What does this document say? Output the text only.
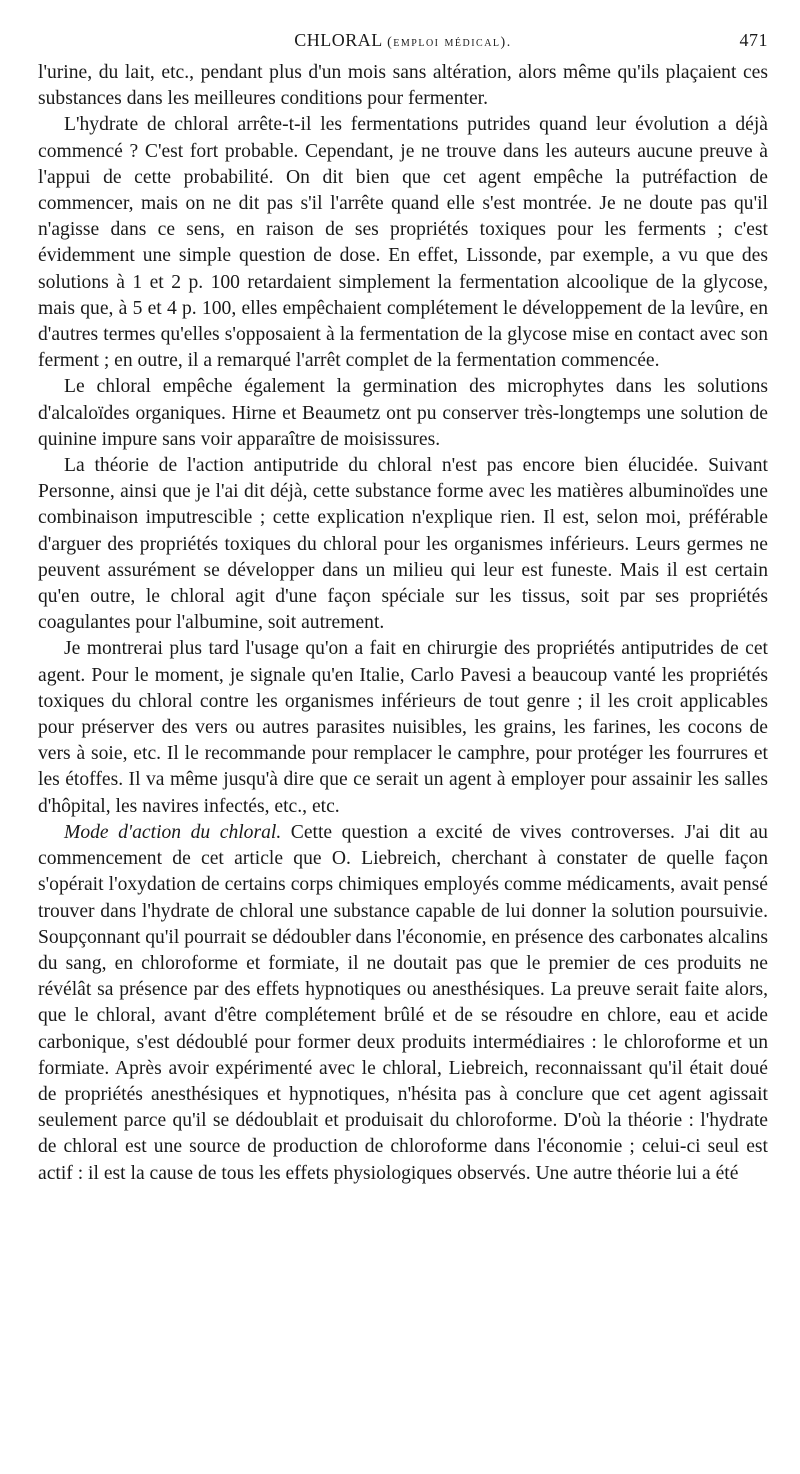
CHLORAL (emploi médical).	471

l'urine, du lait, etc., pendant plus d'un mois sans altération, alors même qu'ils plaçaient ces substances dans les meilleures conditions pour fermenter.

L'hydrate de chloral arrête-t-il les fermentations putrides quand leur évolution a déjà commencé ? C'est fort probable. Cependant, je ne trouve dans les auteurs aucune preuve à l'appui de cette probabilité. On dit bien que cet agent empêche la putréfaction de commencer, mais on ne dit pas s'il l'arrête quand elle s'est montrée. Je ne doute pas qu'il n'agisse dans ce sens, en raison de ses propriétés toxiques pour les ferments ; c'est évidemment une simple question de dose. En effet, Lissonde, par exemple, a vu que des solutions à 1 et 2 p. 100 retardaient simplement la fermentation alcoolique de la glycose, mais que, à 5 et 4 p. 100, elles empêchaient complétement le développement de la levûre, en d'autres termes qu'elles s'opposaient à la fermentation de la glycose mise en contact avec son ferment ; en outre, il a remarqué l'arrêt complet de la fermentation commencée.

Le chloral empêche également la germination des microphytes dans les solutions d'alcaloïdes organiques. Hirne et Beaumetz ont pu conserver très-longtemps une solution de quinine impure sans voir apparaître de moisissures.

La théorie de l'action antiputride du chloral n'est pas encore bien élucidée. Suivant Personne, ainsi que je l'ai dit déjà, cette substance forme avec les matières albuminoïdes une combinaison imputrescible ; cette explication n'explique rien. Il est, selon moi, préférable d'arguer des propriétés toxiques du chloral pour les organismes inférieurs. Leurs germes ne peuvent assurément se développer dans un milieu qui leur est funeste. Mais il est certain qu'en outre, le chloral agit d'une façon spéciale sur les tissus, soit par ses propriétés coagulantes pour l'albumine, soit autrement.

Je montrerai plus tard l'usage qu'on a fait en chirurgie des propriétés antiputrides de cet agent. Pour le moment, je signale qu'en Italie, Carlo Pavesi a beaucoup vanté les propriétés toxiques du chloral contre les organismes inférieurs de tout genre ; il les croit applicables pour préserver des vers ou autres parasites nuisibles, les grains, les farines, les cocons de vers à soie, etc. Il le recommande pour remplacer le camphre, pour protéger les fourrures et les étoffes. Il va même jusqu'à dire que ce serait un agent à employer pour assainir les salles d'hôpital, les navires infectés, etc., etc.

Mode d'action du chloral. Cette question a excité de vives controverses. J'ai dit au commencement de cet article que O. Liebreich, cherchant à constater de quelle façon s'opérait l'oxydation de certains corps chimiques employés comme médicaments, avait pensé trouver dans l'hydrate de chloral une substance capable de lui donner la solution poursuivie. Soupçonnant qu'il pourrait se dédoubler dans l'économie, en présence des carbonates alcalins du sang, en chloroforme et formiate, il ne doutait pas que le premier de ces produits ne révélât sa présence par des effets hypnotiques ou anesthésiques. La preuve serait faite alors, que le chloral, avant d'être complétement brûlé et de se résoudre en chlore, eau et acide carbonique, s'est dédoublé pour former deux produits intermédiaires : le chloroforme et un formiate. Après avoir expérimenté avec le chloral, Liebreich, reconnaissant qu'il était doué de propriétés anesthésiques et hypnotiques, n'hésita pas à conclure que cet agent agissait seulement parce qu'il se dédoublait et produisait du chloroforme. D'où la théorie : l'hydrate de chloral est une source de production de chloroforme dans l'économie ; celui-ci seul est actif : il est la cause de tous les effets physiologiques observés. Une autre théorie lui a été
